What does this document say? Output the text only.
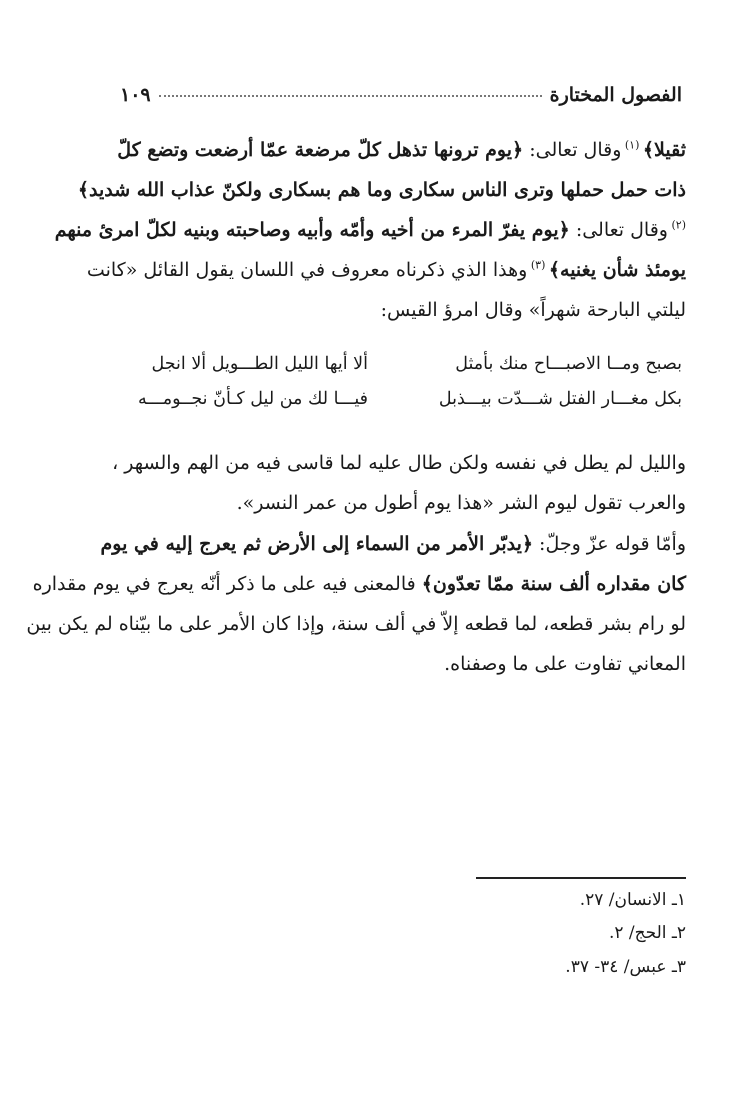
الفصول المختارة
١٠٩
ثقيلا﴾ $^{(١)}$ وقال تعالى: ﴿يوم ترونها تذهل كلّ مرضعة عمّا أرضعت وتضع كلّ
ذات حمل حملها وترى الناس سكارى وما هم بسكارى ولكنّ عذاب الله شديد﴾
$^{(٢)}$ وقال تعالى: ﴿يوم يفرّ المرء من أخيه وأمّه وأبيه وصاحبته وبنيه لكلّ امرئ منهم
يومئذ شأن يغنيه﴾ $^{(٣)}$ وهذا الذي ذكرناه معروف في اللسان يقول القائل «كانت
ليلتي البارحة شهراً» وقال امرؤ القيس:
ألا أيها الليل الطـــويل ألا انجل	بصبح ومــا الاصبـــاح منك بأمثل
فيـــا لك من ليل كـأنّ نجــومـــه	بكل مغـــار الفتل شـــدّت بيـــذبل
والليل لم يطل في نفسه ولكن طال عليه لما قاسى فيه من الهم والسهر ،
والعرب تقول ليوم الشر «هذا يوم أطول من عمر النسر».
وأمّا قوله عزّ وجلّ: ﴿يدبّر الأمر من السماء إلى الأرض ثم يعرج إليه في يوم
كان مقداره ألف سنة ممّا تعدّون﴾ فالمعنى فيه على ما ذكر أنّه يعرج في يوم مقداره
لو رام بشر قطعه، لما قطعه إلاّ في ألف سنة، وإذا كان الأمر على ما بيّناه لم يكن بين
المعاني تفاوت على ما وصفناه.
١ـ الانسان/ ٢٧.
٢ـ الحج/ ٢.
٣ـ عبس/ ٣٤- ٣٧.
